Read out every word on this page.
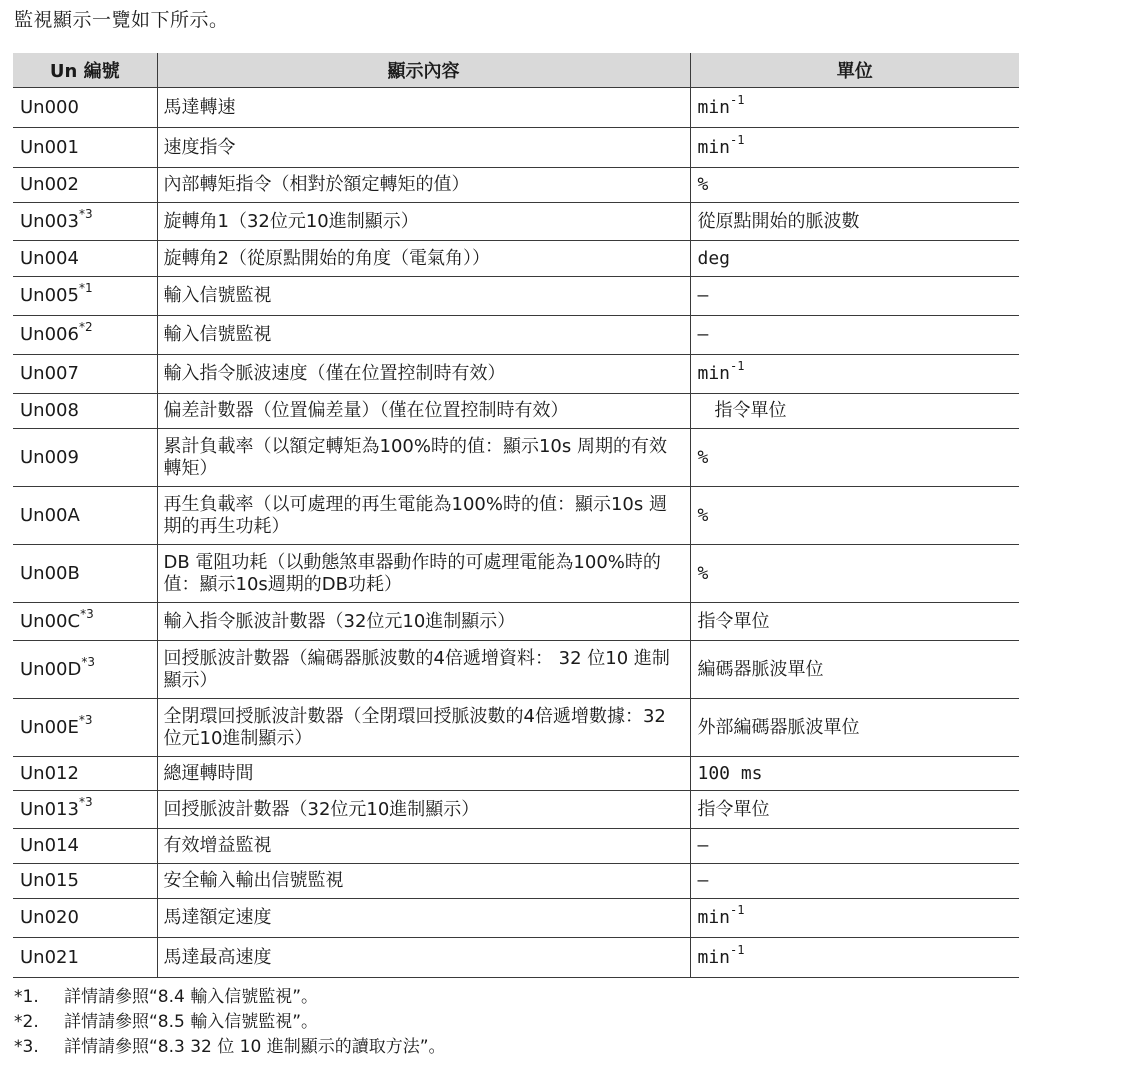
監視顯示一覽如下所示。
Un 編號	顯示內容	單位
Un000	馬達轉速	$\min^{-1}$
Un001	速度指令	$\min^{-1}$
Un002	內部轉矩指令（相對於額定轉矩的值）	%
Un003$^{*3}$	旋轉角1（32位元10進制顯示）	從原點開始的脈波數
Un004	旋轉角2（從原點開始的角度（電氣角））	deg
Un005$^{*1}$	輸入信號監視	–
Un006$^{*2}$	輸入信號監視	–
Un007	輸入指令脈波速度（僅在位置控制時有效）	$\min^{-1}$
Un008	偏差計數器（位置偏差量）（僅在位置控制時有效）	指令單位
Un009	累計負載率（以額定轉矩為100%時的值：顯示10s 周期的有效轉矩）	%
Un00A	再生負載率（以可處理的再生電能為100%時的值：顯示10s 週期的再生功耗）	%
Un00B	DB 電阻功耗（以動態煞車器動作時的可處理電能為100%時的值：顯示10s週期的DB功耗）	%
$Un00C^{*3}$	輸入指令脈波計數器（32位元10進制顯示）	指令單位
$Un00D^{*3}$	回授脈波計數器（編碼器脈波數的4倍遞增資料： 32 位10 進制顯示）	編碼器脈波單位
$Un00E^{*3}$	全閉環回授脈波計數器（全閉環回授脈波數的4倍遞增數據：32位元10進制顯示）	外部編碼器脈波單位
Un012	總運轉時間	100 ms
Un013$^{*3}$	回授脈波計數器（32位元10進制顯示）	指令單位
Un014	有效增益監視	–
Un015	安全輸入輸出信號監視	–
Un020	馬達額定速度	$\min^{-1}$
Un021	馬達最高速度	$\min^{-1}$
*1.	詳情請參照“8.4 輸入信號監視”。
*2.	詳情請參照“8.5 輸入信號監視”。
*3.	詳情請參照“8.3 32 位 10 進制顯示的讀取方法”。
